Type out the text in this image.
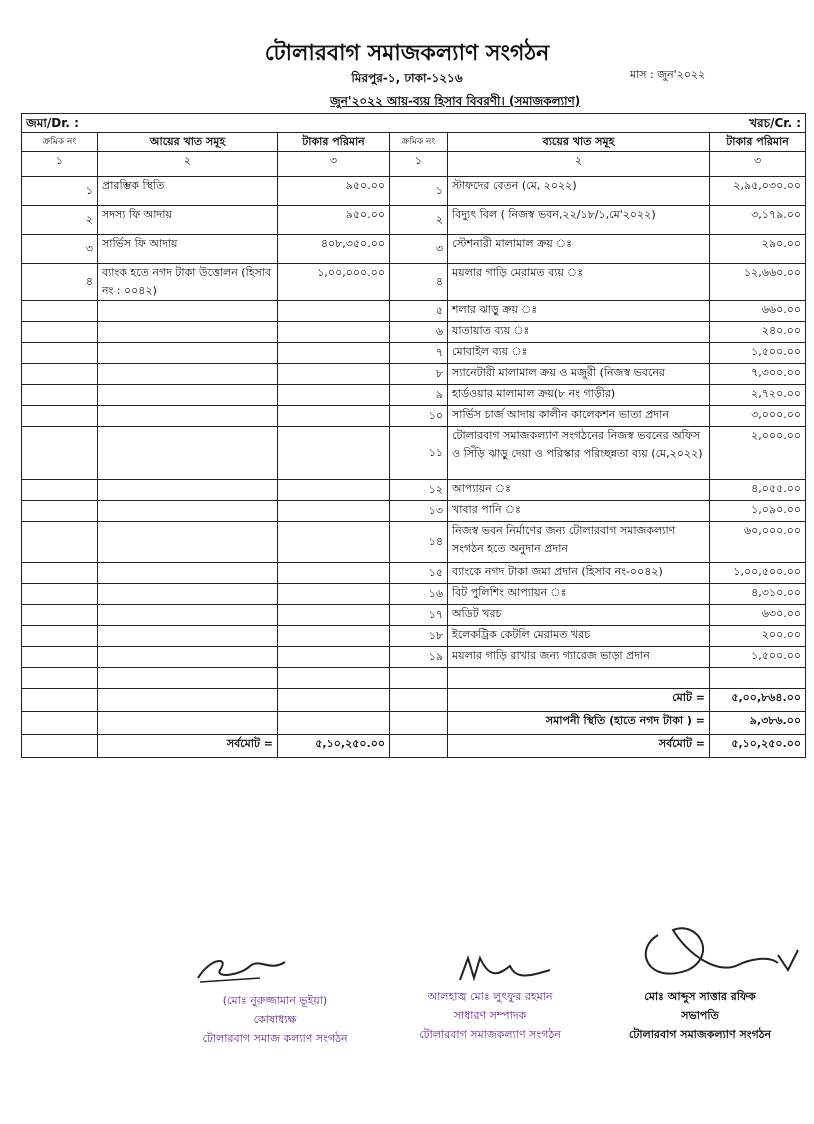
টোলারবাগ সমাজকল্যাণ সংগঠন
মিরপুর-১, ঢাকা-১২১৬	মাস : জুন'২০২২
জুন'২০২২ আয়-ব্যয় হিসাব বিবরণী। (সমাজকল্যাণ)
জমা/Dr. : খরচ/Cr. :					

ক্রমিক নং	আয়ের খাত সমূহ	টাকার পরিমান	ক্রমিক নং	ব্যয়ের খাত সমূহ	টাকার পরিমান
১	২	৩	১	২	৩
১	প্রারম্ভিক স্থিতি	৯৫০.০০	১	স্টাফদের বেতন (মে, ২০২২)	২,৯৫,০৩০.০০
২	সদস্য ফি আদায়	৯৫০.০০	২	বিদ্যুৎ বিল ( নিজস্ব ভবন,২২/১৮/১,মে'২০২২)	৩,১৭৯.০০
৩	সার্ভিস ফি আদায়	৪০৮,৩৫০.০০	৩	স্টেশনারী মালামাল ক্রয় ঃ	২৯০.০০
৪	ব্যাংক হতে নগদ টাকা উত্তোলন (হিসাব নং : ০০৪২)	১,০০,০০০.০০	৪	ময়লার গাড়ি মেরামত ব্যয় ঃ	১২,৬৬০.০০
			৫	শলার ঝাড়ু ক্রয় ঃ	৬৬০.০০
			৬	যাতায়াত ব্যয় ঃ	২৪০.০০
			৭	মোবাইল ব্যয় ঃ	১,৫০০.০০
			৮	স্যানেটারী মালামাল ক্রয় ও মজুরী (নিজস্ব ভবনের	৭,৩০০.০০
			৯	হার্ডওয়ার মালামাল ক্রয়(৮ নং গাড়ীর)	২,৭২০.০০
			১০	সার্ভিস চার্জ আদায় কালীন কালেকশন ভাতা প্রদান	৩,০০০.০০
			১১	টোলারবাগ সমাজকল্যাণ সংগঠনের নিজস্ব ভবনের অফিস ও সিঁড়ি ঝাড়ু দেয়া ও পরিস্কার পরিচ্ছন্নতা ব্যয় (মে,২০২২)	২,০০০.০০
			১২	আপ্যায়ন ঃ	৪,০৫৫.০০
			১৩	খাবার পানি ঃ	১,০৯০.০০
			১৪	নিজস্ব ভবন নির্মাণের জন্য টোলারবাগ সমাজকল্যাণ সংগঠন হতে অনুদান প্রদান	৬০,০০০.০০
			১৫	ব্যাংকে নগদ টাকা জমা প্রদান (হিসাব নং-০০৪২)	১,০০,৫০০.০০
			১৬	বিট পুলিশিং আপ্যায়ন ঃ	৪,৩১০.০০
			১৭	অডিট খরচ	৬৩০.০০
			১৮	ইলেকট্রিক কেটলি মেরামত খরচ	২০০.০০
			১৯	ময়লার গাড়ি রাখার জন্য গ্যারেজ ভাড়া প্রদান	১,৫০০.০০

				মোট =	৫,০০,৮৬৪.০০
				সমাপনী স্থিতি (হাতে নগদ টাকা ) =	৯,৩৮৬.০০
	সর্বমোট =	৫,১০,২৫০.০০		সর্বমোট =	৫,১০,২৫০.০০
(মোঃ নুরুজ্জামান ভূইয়া)
কোষাধ্যক্ষ
টোলারবাগ সমাজ কল্যাণ সংগঠন
আলহাজ্ব মোঃ লুৎফুর রহমান
সাধারণ সম্পাদক
টোলারবাগ সমাজকল্যাণ সংগঠন
মোঃ আব্দুস সাত্তার রফিক
সভাপতি
টোলারবাগ সমাজকল্যাণ সংগঠন
